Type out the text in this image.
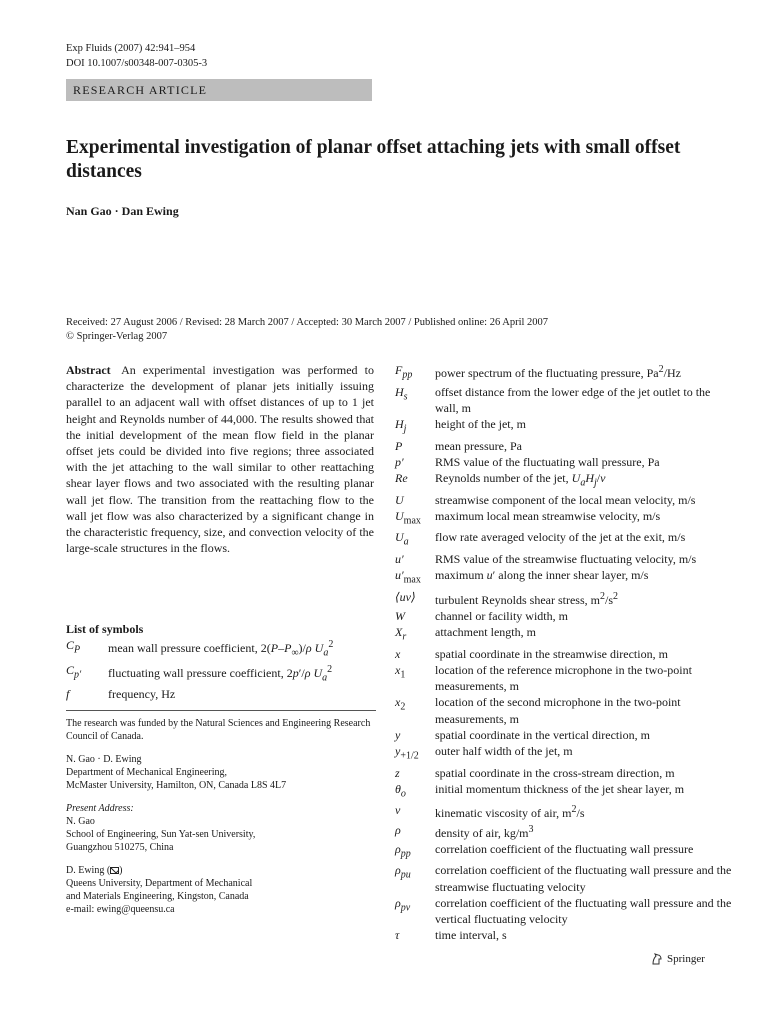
Exp Fluids (2007) 42:941–954
DOI 10.1007/s00348-007-0305-3
RESEARCH ARTICLE
Experimental investigation of planar offset attaching jets with small offset distances
Nan Gao · Dan Ewing
Received: 27 August 2006 / Revised: 28 March 2007 / Accepted: 30 March 2007 / Published online: 26 April 2007
© Springer-Verlag 2007

Abstract An experimental investigation was performed to characterize the development of planar jets initially issuing parallel to an adjacent wall with offset distances of up to 1 jet height and Reynolds number of 44,000. The results showed that the initial development of the mean flow field in the planar offset jets could be divided into five regions; three associated with the jet attaching to the wall similar to other reattaching shear layer flows and two associated with the resulting planar wall jet flow. The transition from the reattaching flow to the wall jet flow was also characterized by a significant change in the characteristic frequency, size, and convection velocity of the large-scale structures in the flows.

List of symbols
$C_P$	mean wall pressure coefficient, $2(P-P_\infty)/\rho$ $U_a^2$
$C_{p'}$	fluctuating wall pressure coefficient, 2p′/ρ $U_a^2$
f	frequency, Hz
The research was funded by the Natural Sciences and Engineering Research Council of Canada.
N. Gao · D. Ewing
Department of Mechanical Engineering,
McMaster University, Hamilton, ON, Canada L8S 4L7
Present Address:
N. Gao
School of Engineering, Sun Yat-sen University,
Guangzhou 510275, China
D. Ewing ( )
Queens University, Department of Mechanical
and Materials Engineering, Kingston, Canada
e-mail: ewing@queensu.ca
$F_{pp}$	power spectrum of the fluctuating pressure, Pa$^2$/Hz
$H_s$	offset distance from the lower edge of the jet outlet to the wall, m
$H_j$	height of the jet, m
P	mean pressure, Pa
p′	RMS value of the fluctuating wall pressure, Pa
Re	Reynolds number of the jet, $U_aH_j/\nu$
U	streamwise component of the local mean velocity, m/s
$U_{max}$	maximum local mean streamwise velocity, m/s
$U_a$	flow rate averaged velocity of the jet at the exit, m/s
u′	RMS value of the streamwise fluctuating velocity, m/s
$u'_{max}$	maximum u′ along the inner shear layer, m/s
⟨uv⟩	turbulent Reynolds shear stress, $m^2/s^2$
W	channel or facility width, m
$X_r$	attachment length, m
x	spatial coordinate in the streamwise direction, m
$x_1$	location of the reference microphone in the two-point measurements, m
$x_2$	location of the second microphone in the two-point measurements, m
y	spatial coordinate in the vertical direction, m
$y_{+1/2}$	outer half width of the jet, m
z	spatial coordinate in the cross-stream direction, m
$\theta_o$	initial momentum thickness of the jet shear layer, m
ν	kinematic viscosity of air, $m^2/s$
ρ	density of air, $kg/m^3$
$\rho_{pp}$	correlation coefficient of the fluctuating wall pressure
$\rho_{pu}$	correlation coefficient of the fluctuating wall pressure and the streamwise fluctuating velocity
$\rho_{pv}$	correlation coefficient of the fluctuating wall pressure and the vertical fluctuating velocity
τ	time interval, s
Springer
